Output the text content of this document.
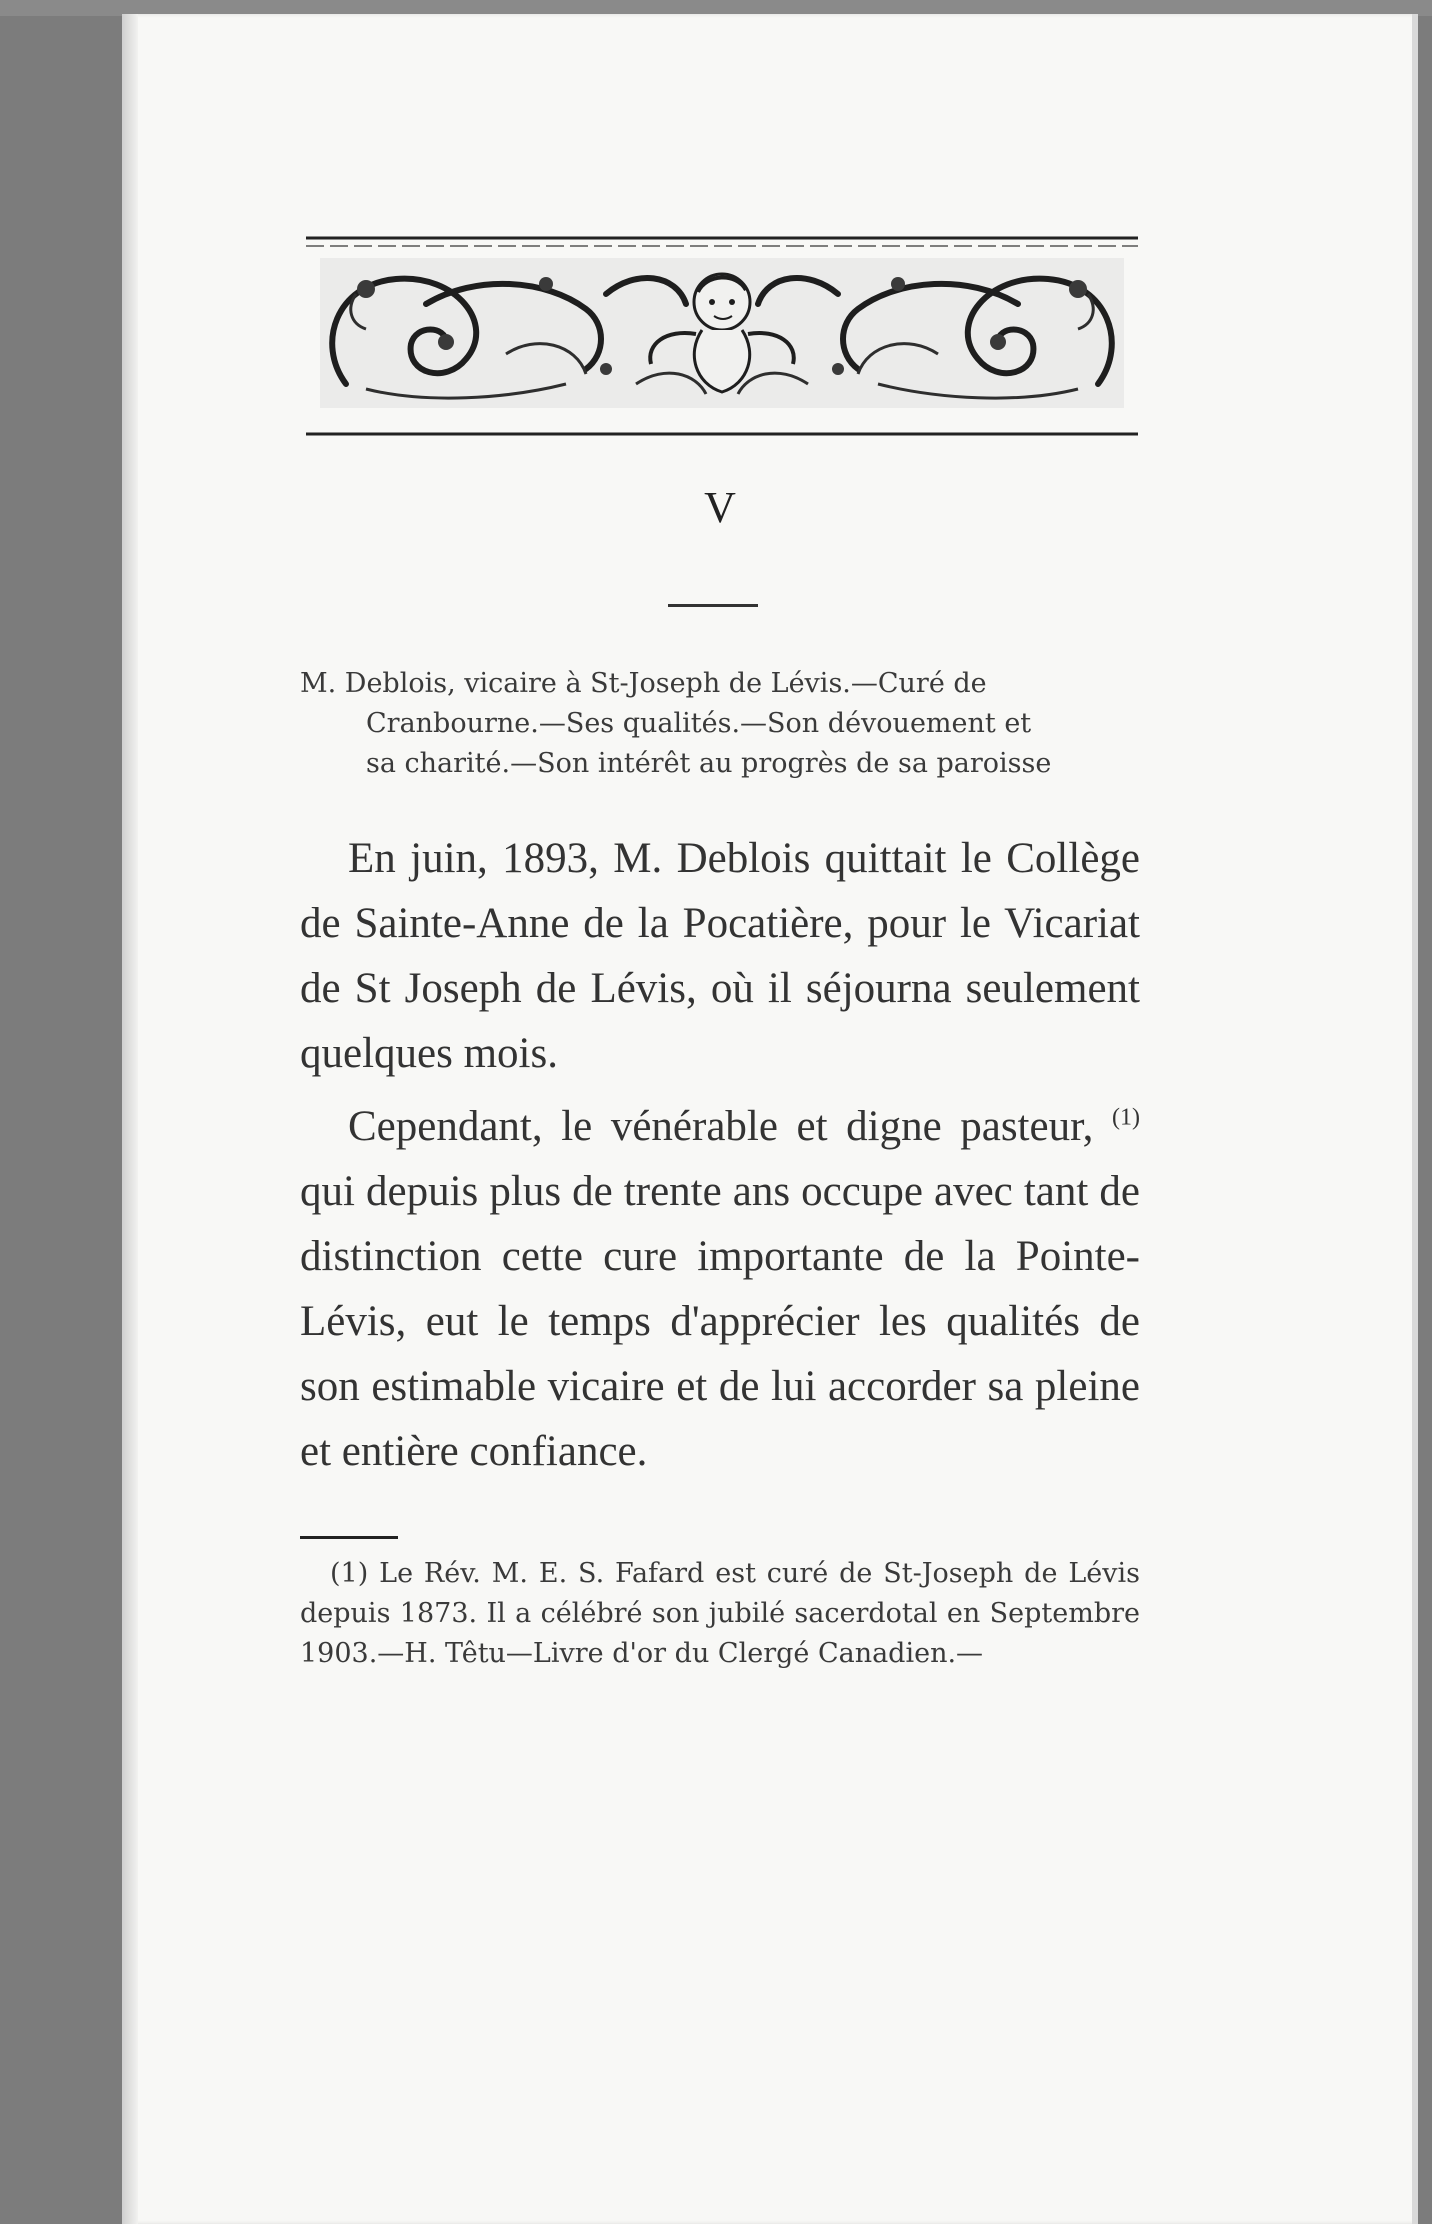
V
M. Deblois, vicaire à St-Joseph de Lévis.—Curé de
Cranbourne.—Ses qualités.—Son dévouement et
sa charité.—Son intérêt au progrès de sa paroisse

En juin, 1893, M. Deblois quittait le Collège de Sainte-Anne de la Pocatière, pour le Vicariat de St Joseph de Lévis, où il séjourna seulement quelques mois.

Cependant, le vénérable et digne pasteur, $^{(1)}$ qui depuis plus de trente ans occupe avec tant de distinction cette cure importante de la Pointe-Lévis, eut le temps d'apprécier les qualités de son estimable vicaire et de lui accorder sa pleine et entière confiance.

(1) Le Rév. M. E. S. Fafard est curé de St-Joseph de Lévis depuis 1873. Il a célébré son jubilé sacerdotal en Septembre 1903.—H. Têtu—Livre d'or du Clergé Canadien.—
